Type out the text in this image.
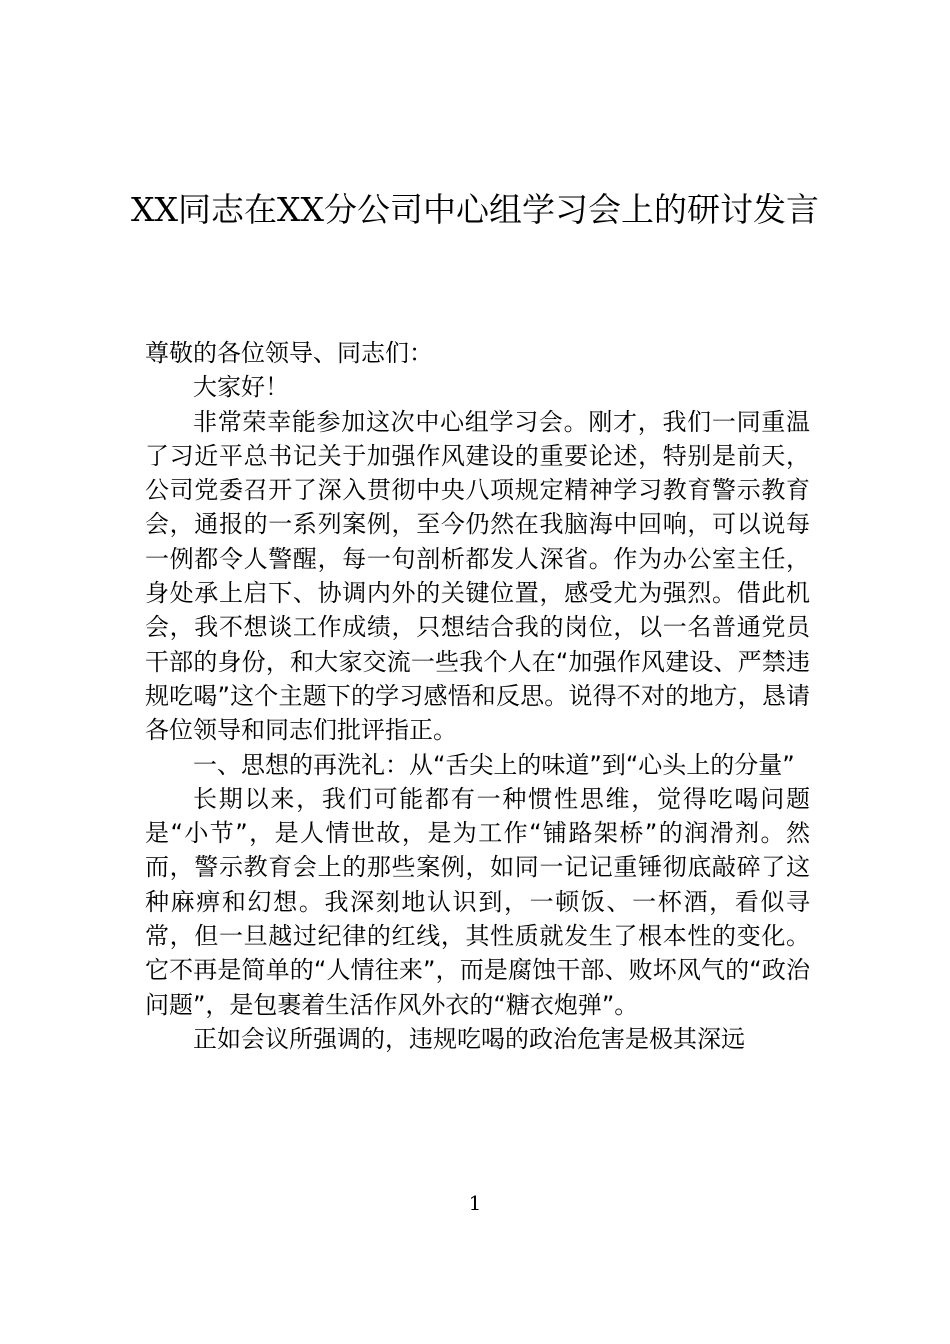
XX同志在XX分公司中心组学习会上的研讨发言

尊敬的各位领导、同志们：

大家好！

非常荣幸能参加这次中心组学习会。刚才，我们一同重温了习近平总书记关于加强作风建设的重要论述，特别是前天，公司党委召开了深入贯彻中央八项规定精神学习教育警示教育会，通报的一系列案例，至今仍然在我脑海中回响，可以说每一例都令人警醒，每一句剖析都发人深省。作为办公室主任，身处承上启下、协调内外的关键位置，感受尤为强烈。借此机会，我不想谈工作成绩，只想结合我的岗位，以一名普通党员干部的身份，和大家交流一些我个人在“加强作风建设、严禁违规吃喝”这个主题下的学习感悟和反思。说得不对的地方，恳请各位领导和同志们批评指正。

一、思想的再洗礼：从“舌尖上的味道”到“心头上的分量”

长期以来，我们可能都有一种惯性思维，觉得吃喝问题是“小节”，是人情世故，是为工作“铺路架桥”的润滑剂。然而，警示教育会上的那些案例，如同一记记重锤彻底敲碎了这种麻痹和幻想。我深刻地认识到，一顿饭、一杯酒，看似寻常，但一旦越过纪律的红线，其性质就发生了根本性的变化。它不再是简单的“人情往来”，而是腐蚀干部、败坏风气的“政治问题”，是包裹着生活作风外衣的“糖衣炮弹”。

正如会议所强调的，违规吃喝的政治危害是极其深远

1
